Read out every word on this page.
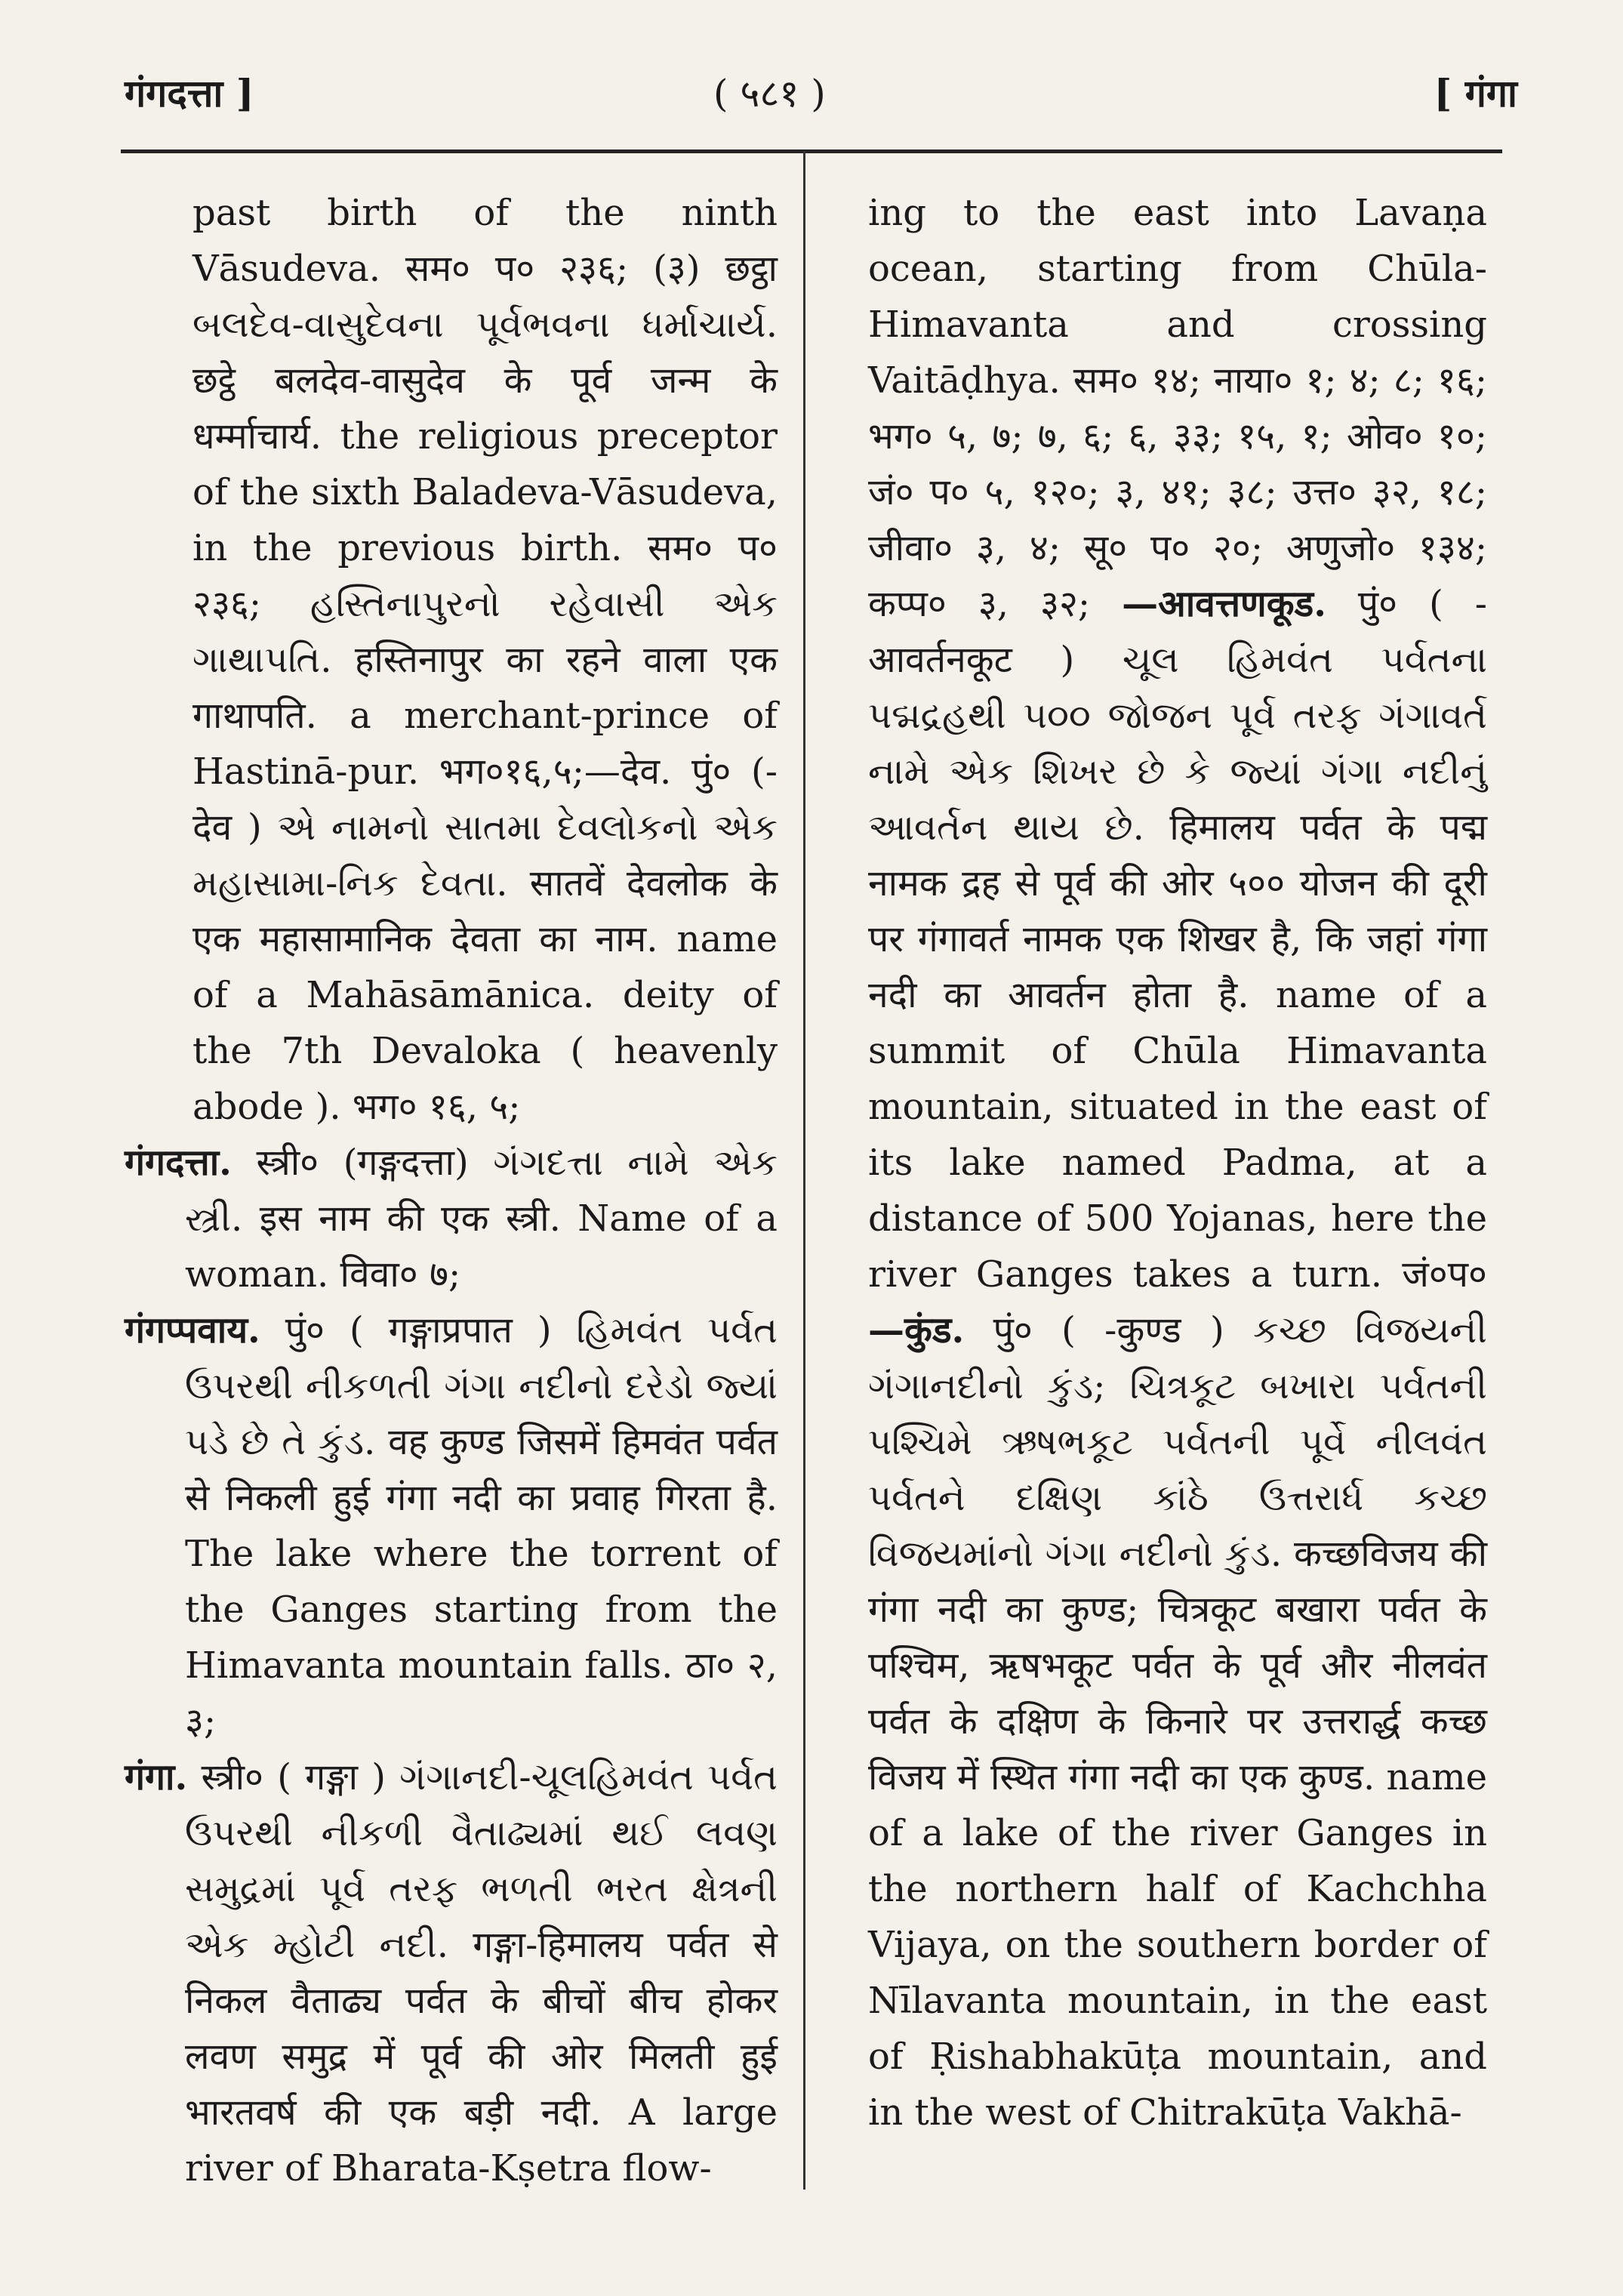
गंगदत्ता ]	( ५८१ )	[ गंगा

past birth of the ninth Vāsudeva. सम० प० २३६; (३) छट्ठा બલદેવ-વાસુદેવના પૂર્વભવના ધર્માચાર્ય. छट्ठे बलदेव-वासुदेव के पूर्व जन्म के धर्म्माचार्य. the religious preceptor of the sixth Baladeva-Vāsudeva, in the previous birth. सम० प० २३६; હસ્તિનાપુરનો રહેવાસી એક ગાથાપતિ. हस्तिनापुर का रहने वाला एक गाथापति. a merchant-prince of Hastinā-pur. भग०१६,५;—देव. पुं० (-देव ) એ નામનો સાતમા દેવલોકનો એક મહાસામા-નિક દેવતા. सातवें देवलोक के एक महासामानिक देवता का नाम. name of a Mahāsāmānica. deity of the 7th Devaloka ( heavenly abode ). भग० १६, ५;

गंगदत्ता. स्त्री० (गङ्गदत्ता) ગંગદત્તા નામે એક સ્ત્રી. इस नाम की एक स्त्री. Name of a woman. विवा० ७;

गंगप्पवाय. पुं० ( गङ्गाप्रपात ) હિમવંત પર્વત ઉપરથી નીકળતી ગંગા નદીનો દરેડો જ્યાં પડે છે તે કુંડ. वह कुण्ड जिसमें हिमवंत पर्वत से निकली हुई गंगा नदी का प्रवाह गिरता है. The lake where the torrent of the Ganges starting from the Himavanta mountain falls. ठा० २, ३;

गंगा. स्त्री० ( गङ्गा ) ગંગાનદી-ચૂલહિમવંત પર્વત ઉપરથી નીકળી વૈતાઢ્યમાં થઈ લવણ સમુદ્રમાં પૂર્વ તરફ ભળતી ભરત ક્ષેત્રની એક મ્હોટી નદી. गङ्गा-हिमालय पर्वत से निकल वैताढ्य पर्वत के बीचों बीच होकर लवण समुद्र में पूर्व की ओर मिलती हुई भारतवर्ष की एक बड़ी नदी. A large river of Bharata-Kṣetra flow-

ing to the east into Lavaṇa ocean, starting from Chūla-Himavanta and crossing Vaitāḍhya. सम० १४; नाया० १; ४; ८; १६; भग० ५, ७; ७, ६; ६, ३३; १५, १; ओव० १०; जं० प० ५, १२०; ३, ४१; ३८; उत्त० ३२, १८; जीवा० ३, ४; सू० प० २०; अणुजो० १३४; कप्प० ३, ३२; —आवत्तणकूड. पुं० ( -आवर्तनकूट ) ચૂલ હિમવંત પર્વતના પદ્મદ્રહથી ૫૦૦ જોજન પૂર્વ તરફ ગંગાવર્ત નામે એક શિખર છે કે જ્યાં ગંગા નદીનું આવર્તન થાય છે. हिमालय पर्वत के पद्म नामक द्रह से पूर्व की ओर ५०० योजन की दूरी पर गंगावर्त नामक एक शिखर है, कि जहां गंगा नदी का आवर्तन होता है. name of a summit of Chūla Himavanta mountain, situated in the east of its lake named Padma, at a distance of 500 Yojanas, here the river Ganges takes a turn. जं०प० —कुंड. पुं० ( -कुण्ड ) કચ્છ વિજયની ગંગાનદીનો કુંડ; ચિત્રકૂટ બખારા પર્વતની પશ્ચિમે ઋષભકૂટ પર્વતની પૂર્વે નીલવંત પર્વતને દક્ષિણ કાંઠે ઉત્તરાર્ધ કચ્છ વિજયમાંનો ગંગા નદીનો કુંડ. कच्छविजय की गंगा नदी का कुण्ड; चित्रकूट बखारा पर्वत के पश्चिम, ऋषभकूट पर्वत के पूर्व और नीलवंत पर्वत के दक्षिण के किनारे पर उत्तरार्द्ध कच्छ विजय में स्थित गंगा नदी का एक कुण्ड. name of a lake of the river Ganges in the northern half of Kachchha Vijaya, on the southern border of Nīlavanta mountain, in the east of Ṛishabhakūṭa mountain, and in the west of Chitrakūṭa Vakhā-
